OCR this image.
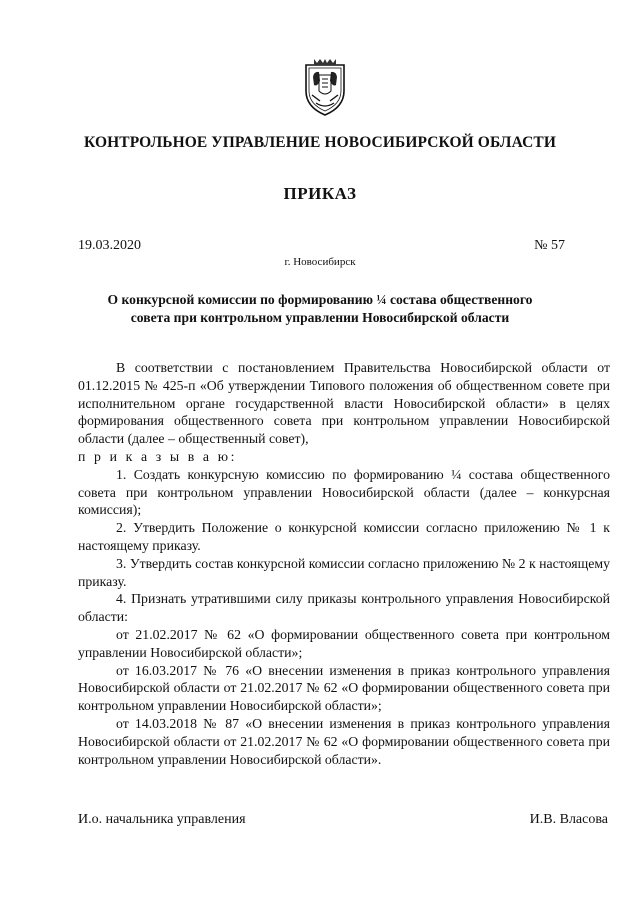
КОНТРОЛЬНОЕ УПРАВЛЕНИЕ НОВОСИБИРСКОЙ ОБЛАСТИ
ПРИКАЗ
19.03.2020	№ 57
г. Новосибирск
О конкурсной комиссии по формированию ¼ состава общественного
совета при контрольном управлении Новосибирской области

В соответствии с постановлением Правительства Новосибирской области от 01.12.2015 № 425-п «Об утверждении Типового положения об общественном совете при исполнительном органе государственной власти Новосибирской области» в целях формирования общественного совета при контрольном управлении Новосибирской области (далее – общественный совет),

п р и к а з ы в а ю:

1. Создать конкурсную комиссию по формированию ¼ состава общественного совета при контрольном управлении Новосибирской области (далее – конкурсная комиссия);

2. Утвердить Положение о конкурсной комиссии согласно приложению № 1 к настоящему приказу.

3. Утвердить состав конкурсной комиссии согласно приложению № 2 к настоящему приказу.

4. Признать утратившими силу приказы контрольного управления Новосибирской области:

от 21.02.2017 № 62 «О формировании общественного совета при контрольном управлении Новосибирской области»;

от 16.03.2017 № 76 «О внесении изменения в приказ контрольного управления Новосибирской области от 21.02.2017 № 62 «О формировании общественного совета при контрольном управлении Новосибирской области»;

от 14.03.2018 № 87 «О внесении изменения в приказ контрольного управления Новосибирской области от 21.02.2017 № 62 «О формировании общественного совета при контрольном управлении Новосибирской области».

И.о. начальника управления	И.В. Власова
